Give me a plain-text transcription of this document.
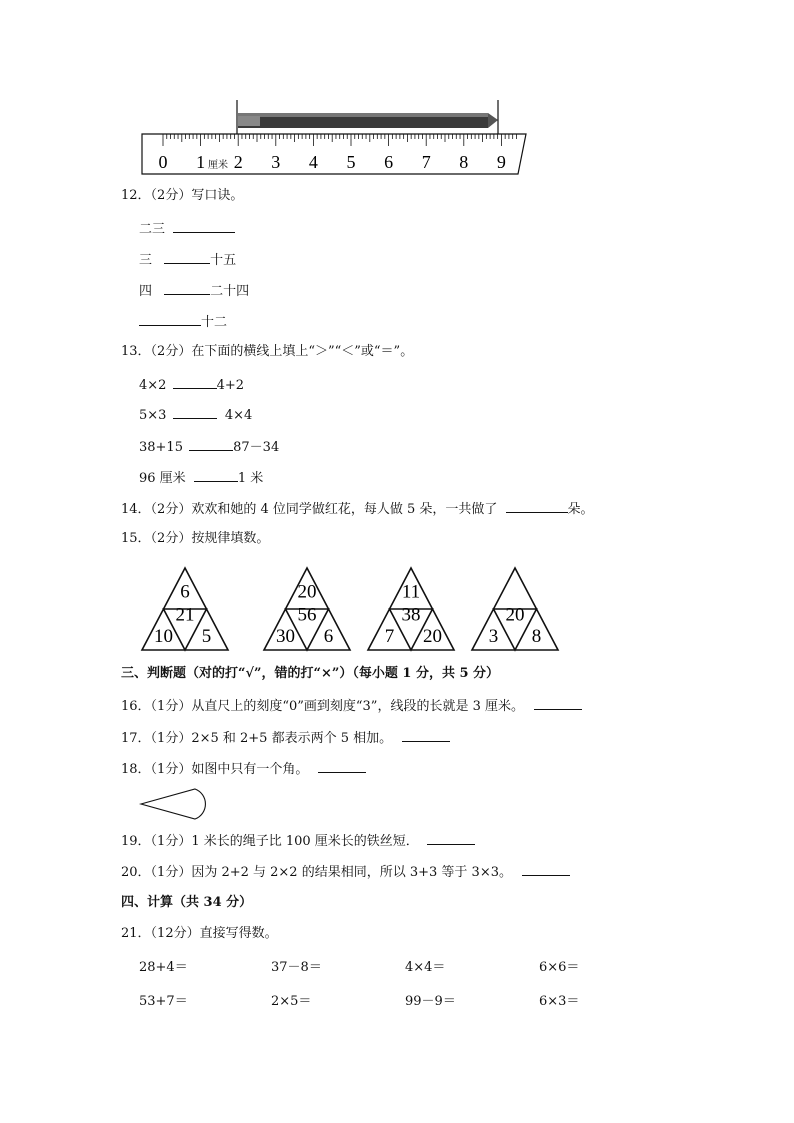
0 1 2 3 4 5 6 7 8 9
厘米
12．（2分）写口诀。
二三
三	十五
四	二十四
十二
13．（2分）在下面的横线上填上“＞”“＜”或“＝”。
4×2	4+2
5×3	4×4
38+15	87－34
96 厘米	1 米
14．（2分）欢欢和她的 4 位同学做红花，每人做 5 朵，一共做了	朵。
15．（2分）按规律填数。
6
21
10 5
20
56
30 6
11
38
7 20
20
3 8
三、判断题（对的打“√”，错的打“×”）（每小题 1 分，共 5 分）
16．（1分）从直尺上的刻度“0”画到刻度“3”，线段的长就是 3 厘米。
17．（1分）2×5 和 2+5 都表示两个 5 相加。
18．（1分）如图中只有一个角。
19．（1分）1 米长的绳子比 100 厘米长的铁丝短．
20．（1分）因为 2+2 与 2×2 的结果相同，所以 3+3 等于 3×3。
四、计算（共 34 分）
21．（12分）直接写得数。
28+4＝	37－8＝	4×4＝	6×6＝
53+7＝	2×5＝	99－9＝	6×3＝
